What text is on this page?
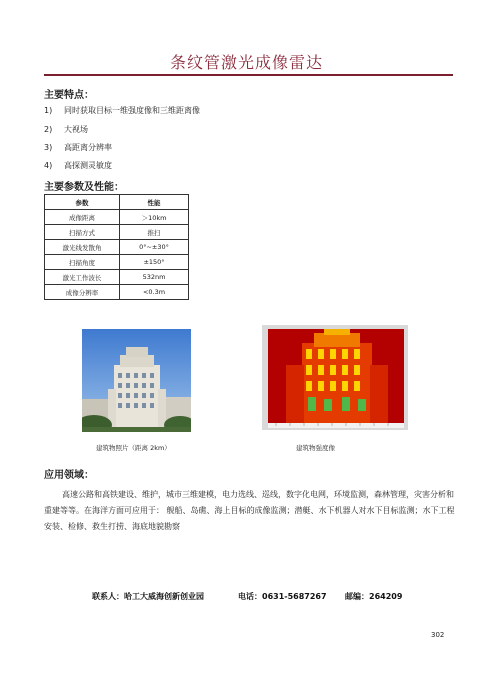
条纹管激光成像雷达
主要特点：
1) 同时获取目标一维强度像和三维距离像
2) 大视场
3) 高距离分辨率
4) 高探测灵敏度
主要参数及性能：
参数	性能
成像距离	＞10km
扫描方式	推扫
激光线发散角	0°~±30°
扫描角度	±150°
激光工作波长	532nm
成像分辨率	<0.3m
建筑物照片（距离 2km）	建筑物强度像
应用领域：
高速公路和高铁建设、维护，城市三维建模，电力选线、巡线，数字化电网，环境监测，森林管理，灾害分析和重建等等。在海洋方面可应用于： 舰船、岛礁、海上目标的成像监测；潜艇、水下机器人对水下目标监测；水下工程安装、检修、救生打捞、海底地貌勘察
联系人：哈工大威海创新创业园	电话：0631-5687267 邮编：264209
302
